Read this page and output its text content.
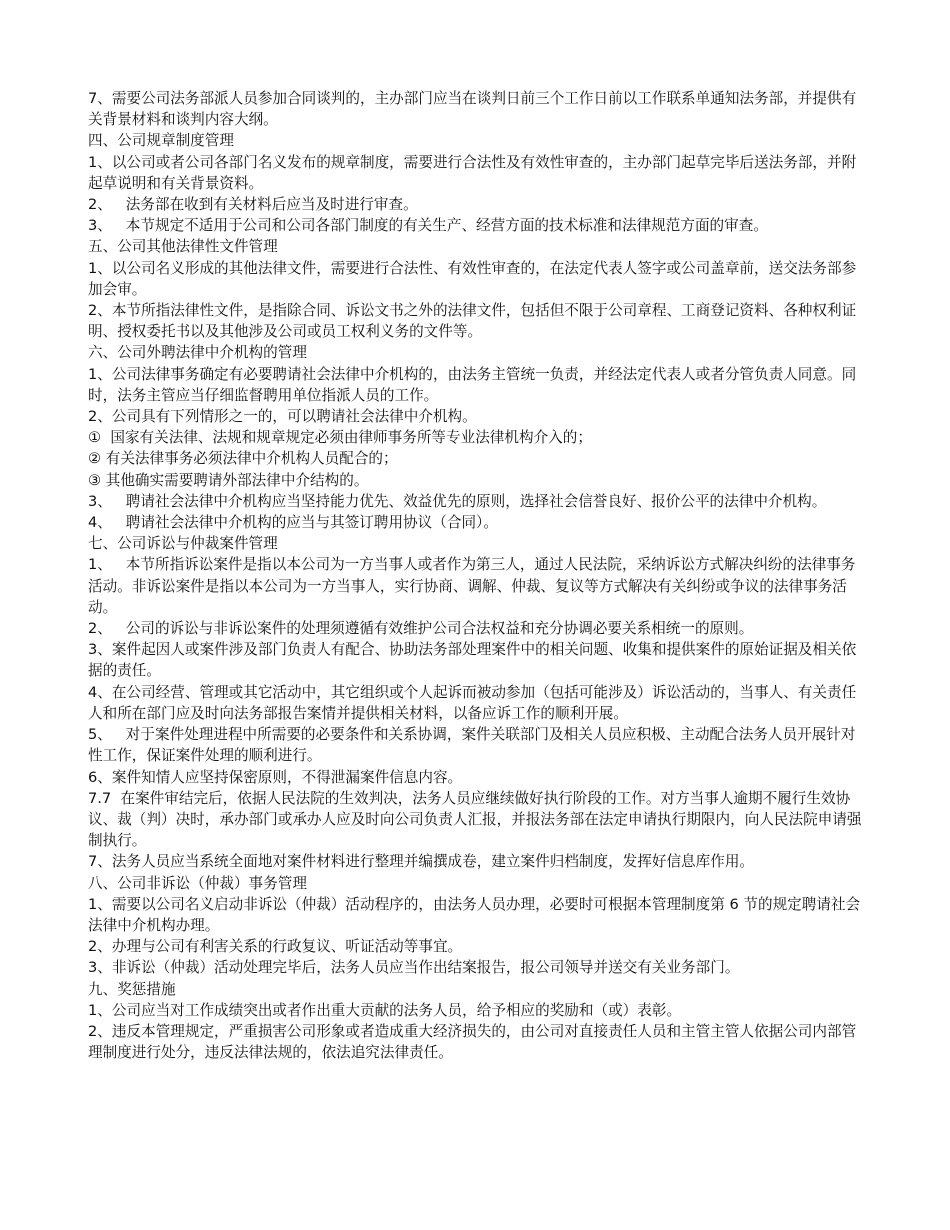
7、需要公司法务部派人员参加合同谈判的，主办部门应当在谈判日前三个工作日前以工作联系单通知法务部，并提供有关背景材料和谈判内容大纲。

四、公司规章制度管理

1、以公司或者公司各部门名义发布的规章制度，需要进行合法性及有效性审查的，主办部门起草完毕后送法务部，并附起草说明和有关背景资料。

2、   法务部在收到有关材料后应当及时进行审查。

3、   本节规定不适用于公司和公司各部门制度的有关生产、经营方面的技术标准和法律规范方面的审查。

五、公司其他法律性文件管理

1、以公司名义形成的其他法律文件，需要进行合法性、有效性审查的，在法定代表人签字或公司盖章前，送交法务部参加会审。

2、本节所指法律性文件，是指除合同、诉讼文书之外的法律文件，包括但不限于公司章程、工商登记资料、各种权利证明、授权委托书以及其他涉及公司或员工权利义务的文件等。

六、公司外聘法律中介机构的管理

1、公司法律事务确定有必要聘请社会法律中介机构的，由法务主管统一负责，并经法定代表人或者分管负责人同意。同时，法务主管应当仔细监督聘用单位指派人员的工作。

2、公司具有下列情形之一的，可以聘请社会法律中介机构。

①  国家有关法律、法规和规章规定必须由律师事务所等专业法律机构介入的；

② 有关法律事务必须法律中介机构人员配合的；

③ 其他确实需要聘请外部法律中介结构的。

3、   聘请社会法律中介机构应当坚持能力优先、效益优先的原则，选择社会信誉良好、报价公平的法律中介机构。

4、   聘请社会法律中介机构的应当与其签订聘用协议（合同）。

七、公司诉讼与仲裁案件管理

1、   本节所指诉讼案件是指以本公司为一方当事人或者作为第三人，通过人民法院，采纳诉讼方式解决纠纷的法律事务活动。非诉讼案件是指以本公司为一方当事人，实行协商、调解、仲裁、复议等方式解决有关纠纷或争议的法律事务活动。

2、   公司的诉讼与非诉讼案件的处理须遵循有效维护公司合法权益和充分协调必要关系相统一的原则。

3、案件起因人或案件涉及部门负责人有配合、协助法务部处理案件中的相关问题、收集和提供案件的原始证据及相关依据的责任。

4、在公司经营、管理或其它活动中，其它组织或个人起诉而被动参加（包括可能涉及）诉讼活动的，当事人、有关责任人和所在部门应及时向法务部报告案情并提供相关材料，以备应诉工作的顺利开展。

5、   对于案件处理进程中所需要的必要条件和关系协调，案件关联部门及相关人员应积极、主动配合法务人员开展针对性工作，保证案件处理的顺利进行。

6、案件知情人应坚持保密原则，不得泄漏案件信息内容。

7.7  在案件审结完后，依据人民法院的生效判决，法务人员应继续做好执行阶段的工作。对方当事人逾期不履行生效协议、裁（判）决时，承办部门或承办人应及时向公司负责人汇报，并报法务部在法定申请执行期限内，向人民法院申请强制执行。

7、法务人员应当系统全面地对案件材料进行整理并编撰成卷，建立案件归档制度，发挥好信息库作用。

八、公司非诉讼（仲裁）事务管理

1、需要以公司名义启动非诉讼（仲裁）活动程序的，由法务人员办理，必要时可根据本管理制度第 6 节的规定聘请社会法律中介机构办理。

2、办理与公司有利害关系的行政复议、听证活动等事宜。

3、非诉讼（仲裁）活动处理完毕后，法务人员应当作出结案报告，报公司领导并送交有关业务部门。

九、奖惩措施

1、公司应当对工作成绩突出或者作出重大贡献的法务人员，给予相应的奖励和（或）表彰。

2、违反本管理规定，严重损害公司形象或者造成重大经济损失的，由公司对直接责任人员和主管主管人依据公司内部管理制度进行处分，违反法律法规的，依法追究法律责任。
